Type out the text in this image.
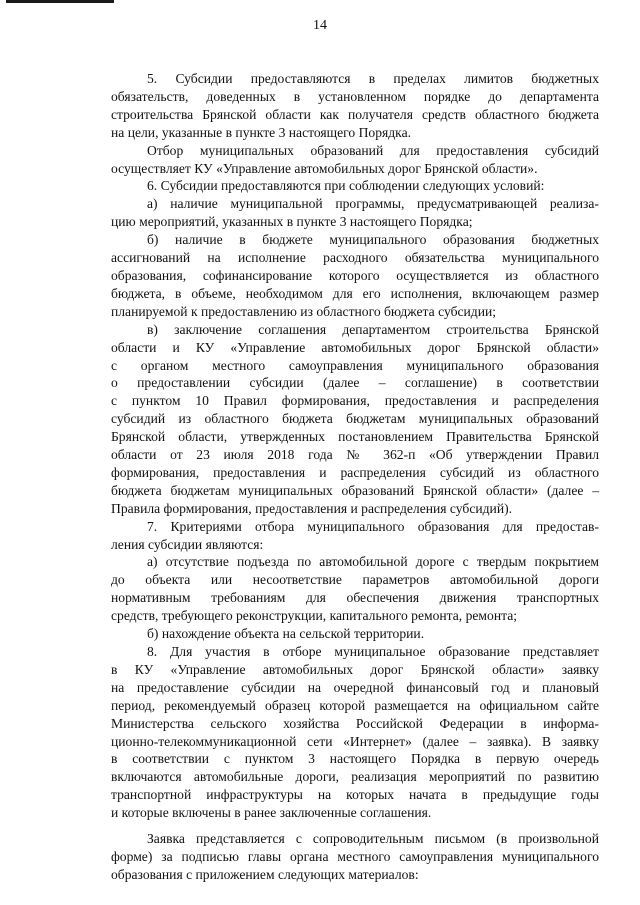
14
5. Субсидии предоставляются в пределах лимитов бюджетных
обязательств, доведенных в установленном порядке до департамента
строительства Брянской области как получателя средств областного бюджета
на цели, указанные в пункте 3 настоящего Порядка.
Отбор муниципальных образований для предоставления субсидий
осуществляет КУ «Управление автомобильных дорог Брянской области».
6. Субсидии предоставляются при соблюдении следующих условий:
а) наличие муниципальной программы, предусматривающей реализа-
цию мероприятий, указанных в пункте 3 настоящего Порядка;
б) наличие в бюджете муниципального образования бюджетных
ассигнований на исполнение расходного обязательства муниципального
образования, софинансирование которого осуществляется из областного
бюджета, в объеме, необходимом для его исполнения, включающем размер
планируемой к предоставлению из областного бюджета субсидии;
в) заключение соглашения департаментом строительства Брянской
области и КУ «Управление автомобильных дорог Брянской области»
с органом местного самоуправления муниципального образования
о предоставлении субсидии (далее – соглашение) в соответствии
с пунктом 10 Правил формирования, предоставления и распределения
субсидий из областного бюджета бюджетам муниципальных образований
Брянской области, утвержденных постановлением Правительства Брянской
области от 23 июля 2018 года № 362-п «Об утверждении Правил
формирования, предоставления и распределения субсидий из областного
бюджета бюджетам муниципальных образований Брянской области» (далее –
Правила формирования, предоставления и распределения субсидий).
7. Критериями отбора муниципального образования для предостав-
ления субсидии являются:
а) отсутствие подъезда по автомобильной дороге с твердым покрытием
до объекта или несоответствие параметров автомобильной дороги
нормативным требованиям для обеспечения движения транспортных
средств, требующего реконструкции, капитального ремонта, ремонта;
б) нахождение объекта на сельской территории.
8. Для участия в отборе муниципальное образование представляет
в КУ «Управление автомобильных дорог Брянской области» заявку
на предоставление субсидии на очередной финансовый год и плановый
период, рекомендуемый образец которой размещается на официальном сайте
Министерства сельского хозяйства Российской Федерации в информа-
ционно-телекоммуникационной сети «Интернет» (далее – заявка). В заявку
в соответствии с пунктом 3 настоящего Порядка в первую очередь
включаются автомобильные дороги, реализация мероприятий по развитию
транспортной инфраструктуры на которых начата в предыдущие годы
и которые включены в ранее заключенные соглашения.
Заявка представляется с сопроводительным письмом (в произвольной
форме) за подписью главы органа местного самоуправления муниципального
образования с приложением следующих материалов:
